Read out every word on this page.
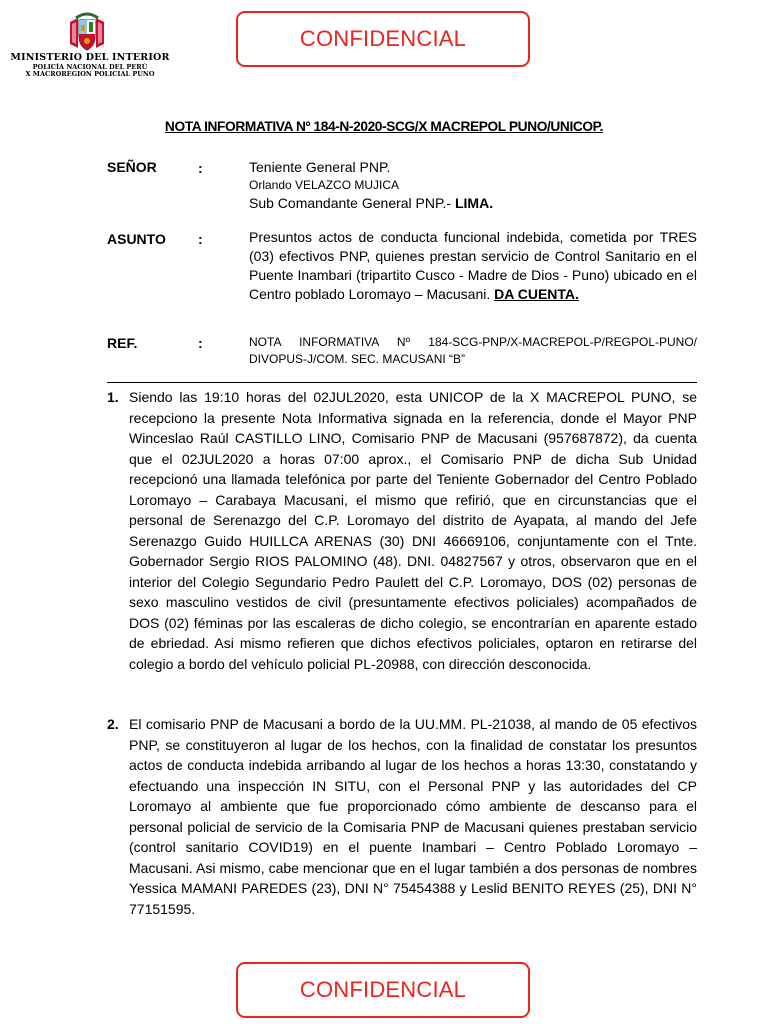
CONFIDENCIAL
MINISTERIO DEL INTERIOR
POLICÍA NACIONAL DEL PERÚ
X MACROREGION POLICIAL PUNO
NOTA INFORMATIVA Nº 184-N-2020-SCG/X MACREPOL PUNO/UNICOP.
SEÑOR	:	Teniente General PNP.
Orlando VELAZCO MUJICA
Sub Comandante General PNP.- LIMA.
ASUNTO :	Presuntos actos de conducta funcional indebida, cometida por TRES (03) efectivos PNP, quienes prestan servicio de Control Sanitario en el Puente Inambari (tripartito Cusco - Madre de Dios - Puno) ubicado en el Centro poblado Loromayo – Macusani. DA CUENTA.
REF.	:	NOTA INFORMATIVA Nº 184-SCG-PNP/X-MACREPOL-P/REGPOL-PUNO/ DIVOPUS-J/COM. SEC. MACUSANI “B”
1. Siendo las 19:10 horas del 02JUL2020, esta UNICOP de la X MACREPOL PUNO, se recepciono la presente Nota Informativa signada en la referencia, donde el Mayor PNP Winceslao Raúl CASTILLO LINO, Comisario PNP de Macusani (957687872), da cuenta que el 02JUL2020 a horas 07:00 aprox., el Comisario PNP de dicha Sub Unidad recepcionó una llamada telefónica por parte del Teniente Gobernador del Centro Poblado Loromayo – Carabaya Macusani, el mismo que refirió, que en circunstancias que el personal de Serenazgo del C.P. Loromayo del distrito de Ayapata, al mando del Jefe Serenazgo Guido HUILLCA ARENAS (30) DNI 46669106, conjuntamente con el Tnte. Gobernador Sergio RIOS PALOMINO (48). DNI. 04827567 y otros, observaron que en el interior del Colegio Segundario Pedro Paulett del C.P. Loromayo, DOS (02) personas de sexo masculino vestidos de civil (presuntamente efectivos policiales) acompañados de DOS (02) féminas por las escaleras de dicho colegio, se encontrarían en aparente estado de ebriedad. Asi mismo refieren que dichos efectivos policiales, optaron en retirarse del colegio a bordo del vehículo policial PL-20988, con dirección desconocida.
2. El comisario PNP de Macusani a bordo de la UU.MM. PL-21038, al mando de 05 efectivos PNP, se constituyeron al lugar de los hechos, con la finalidad de constatar los presuntos actos de conducta indebida arribando al lugar de los hechos a horas 13:30, constatando y efectuando una inspección IN SITU, con el Personal PNP y las autoridades del CP Loromayo al ambiente que fue proporcionado cómo ambiente de descanso para el personal policial de servicio de la Comisaria PNP de Macusani quienes prestaban servicio (control sanitario COVID19) en el puente Inambari – Centro Poblado Loromayo – Macusani. Asi mismo, cabe mencionar que en el lugar también a dos personas de nombres Yessica MAMANI PAREDES (23), DNI N° 75454388 y Leslid BENITO REYES (25), DNI N° 77151595.
CONFIDENCIAL
